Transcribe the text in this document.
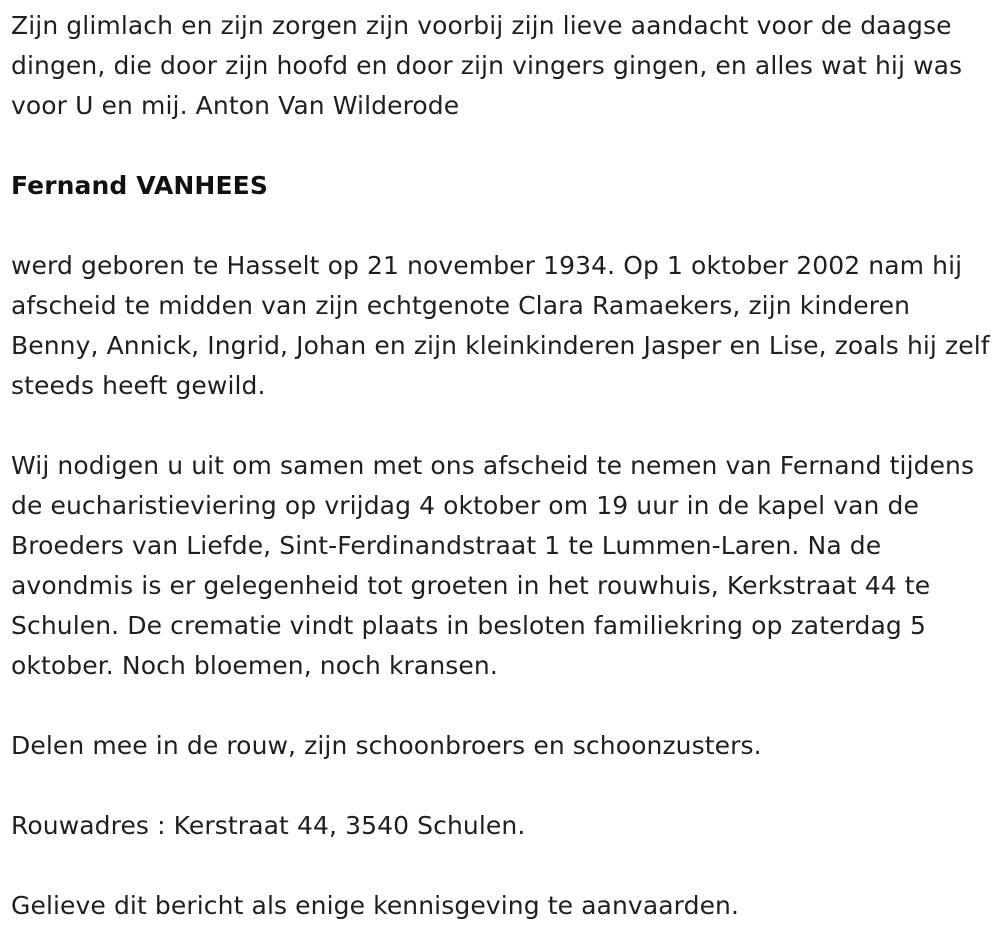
Zijn glimlach en zijn zorgen zijn voorbij zijn lieve aandacht voor de daagse dingen, die door zijn hoofd en door zijn vingers gingen, en alles wat hij was voor U en mij. Anton Van Wilderode

Fernand VANHEES

werd geboren te Hasselt op 21 november 1934. Op 1 oktober 2002 nam hij afscheid te midden van zijn echtgenote Clara Ramaekers, zijn kinderen Benny, Annick, Ingrid, Johan en zijn kleinkinderen Jasper en Lise, zoals hij zelf steeds heeft gewild.

Wij nodigen u uit om samen met ons afscheid te nemen van Fernand tijdens de eucharistieviering op vrijdag 4 oktober om 19 uur in de kapel van de Broeders van Liefde, Sint-Ferdinandstraat 1 te Lummen-Laren. Na de avondmis is er gelegenheid tot groeten in het rouwhuis, Kerkstraat 44 te Schulen. De crematie vindt plaats in besloten familiekring op zaterdag 5 oktober. Noch bloemen, noch kransen.

Delen mee in de rouw, zijn schoonbroers en schoonzusters.

Rouwadres : Kerstraat 44, 3540 Schulen.

Gelieve dit bericht als enige kennisgeving te aanvaarden.
